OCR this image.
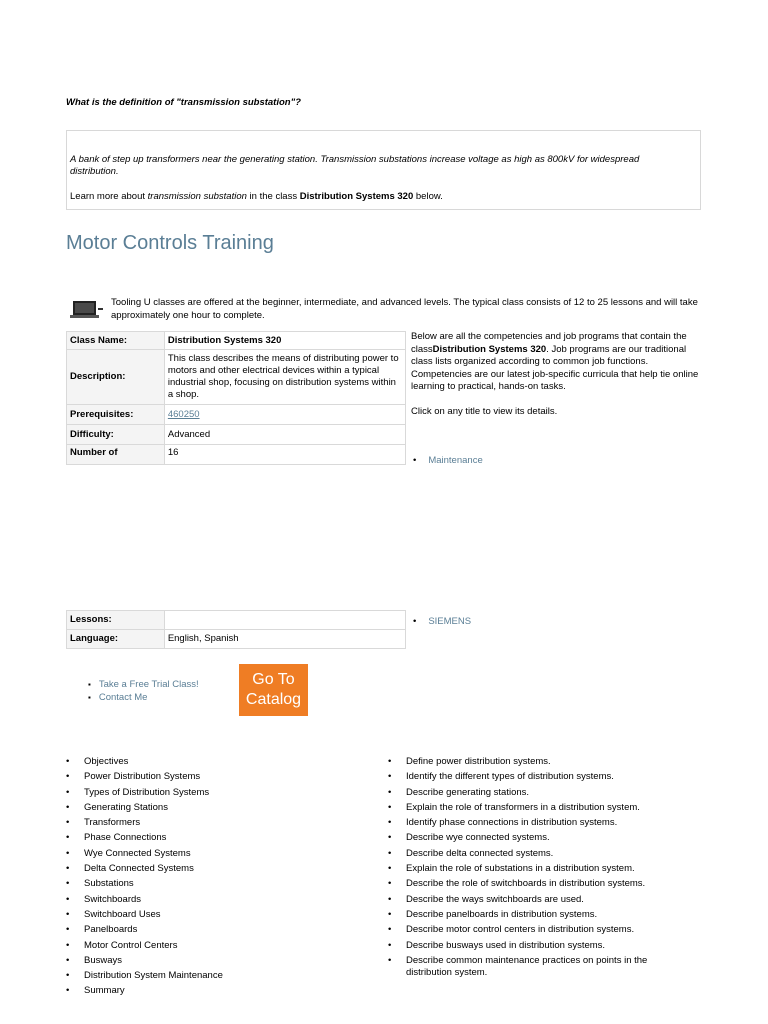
What is the definition of "transmission substation"?
A bank of step up transformers near the generating station. Transmission substations increase voltage as high as 800kV for widespread distribution.
Learn more about transmission substation in the class Distribution Systems 320 below.
Motor Controls Training
Tooling U classes are offered at the beginner, intermediate, and advanced levels. The typical class consists of 12 to 25 lessons and will take approximately one hour to complete.
Class Name:	Distribution Systems 320
Description:	This class describes the means of distributing power to motors and other electrical devices within a typical industrial shop, focusing on distribution systems within a shop.
Prerequisites:	460250
Difficulty:	Advanced
Number of	16
Lessons:	
Language:	English, Spanish
Below are all the competencies and job programs that contain the classDistribution Systems 320. Job programs are our traditional class lists organized according to common job functions. Competencies are our latest job-specific curricula that help tie online learning to practical, hands-on tasks.
Click on any title to view its details.
• Maintenance
• SIEMENS
▪ Take a Free Trial Class!
▪ Contact Me
Go To
Catalog
• Objectives
• Power Distribution Systems
• Types of Distribution Systems
• Generating Stations
• Transformers
• Phase Connections
• Wye Connected Systems
• Delta Connected Systems
• Substations
• Switchboards
• Switchboard Uses
• Panelboards
• Motor Control Centers
• Busways
• Distribution System Maintenance
• Summary
• Define power distribution systems.
• Identify the different types of distribution systems.
• Describe generating stations.
• Explain the role of transformers in a distribution system.
• Identify phase connections in distribution systems.
• Describe wye connected systems.
• Describe delta connected systems.
• Explain the role of substations in a distribution system.
• Describe the role of switchboards in distribution systems.
• Describe the ways switchboards are used.
• Describe panelboards in distribution systems.
• Describe motor control centers in distribution systems.
• Describe busways used in distribution systems.
• Describe common maintenance practices on points in the distribution system.
